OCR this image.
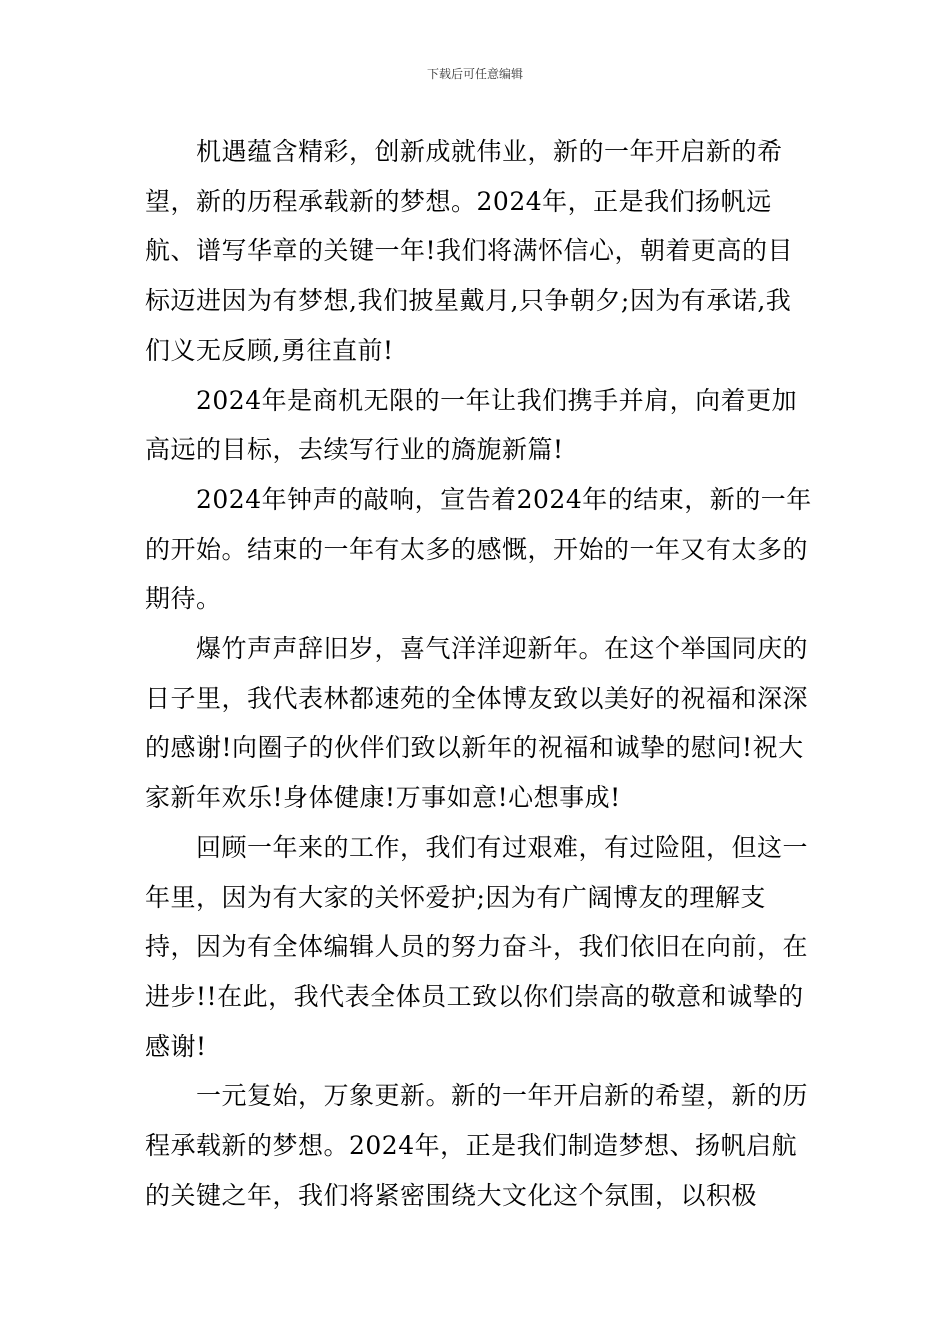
下载后可任意编辑

机遇蕴含精彩，创新成就伟业，新的一年开启新的希望，新的历程承载新的梦想。2024年，正是我们扬帆远航、谱写华章的关键一年!我们将满怀信心，朝着更高的目标迈进因为有梦想,我们披星戴月,只争朝夕;因为有承诺,我们义无反顾,勇往直前!

2024年是商机无限的一年让我们携手并肩，向着更加高远的目标，去续写行业的旖旎新篇!

2024年钟声的敲响，宣告着2024年的结束，新的一年的开始。结束的一年有太多的感慨，开始的一年又有太多的期待。

爆竹声声辞旧岁，喜气洋洋迎新年。在这个举国同庆的日子里，我代表林都速苑的全体博友致以美好的祝福和深深的感谢!向圈子的伙伴们致以新年的祝福和诚挚的慰问!祝大家新年欢乐!身体健康!万事如意!心想事成!

回顾一年来的工作，我们有过艰难，有过险阻，但这一年里，因为有大家的关怀爱护;因为有广阔博友的理解支持，因为有全体编辑人员的努力奋斗，我们依旧在向前，在进步!!在此，我代表全体员工致以你们崇高的敬意和诚挚的感谢!

一元复始，万象更新。新的一年开启新的希望，新的历程承载新的梦想。2024年，正是我们制造梦想、扬帆启航的关键之年，我们将紧密围绕大文化这个氛围，以积极
